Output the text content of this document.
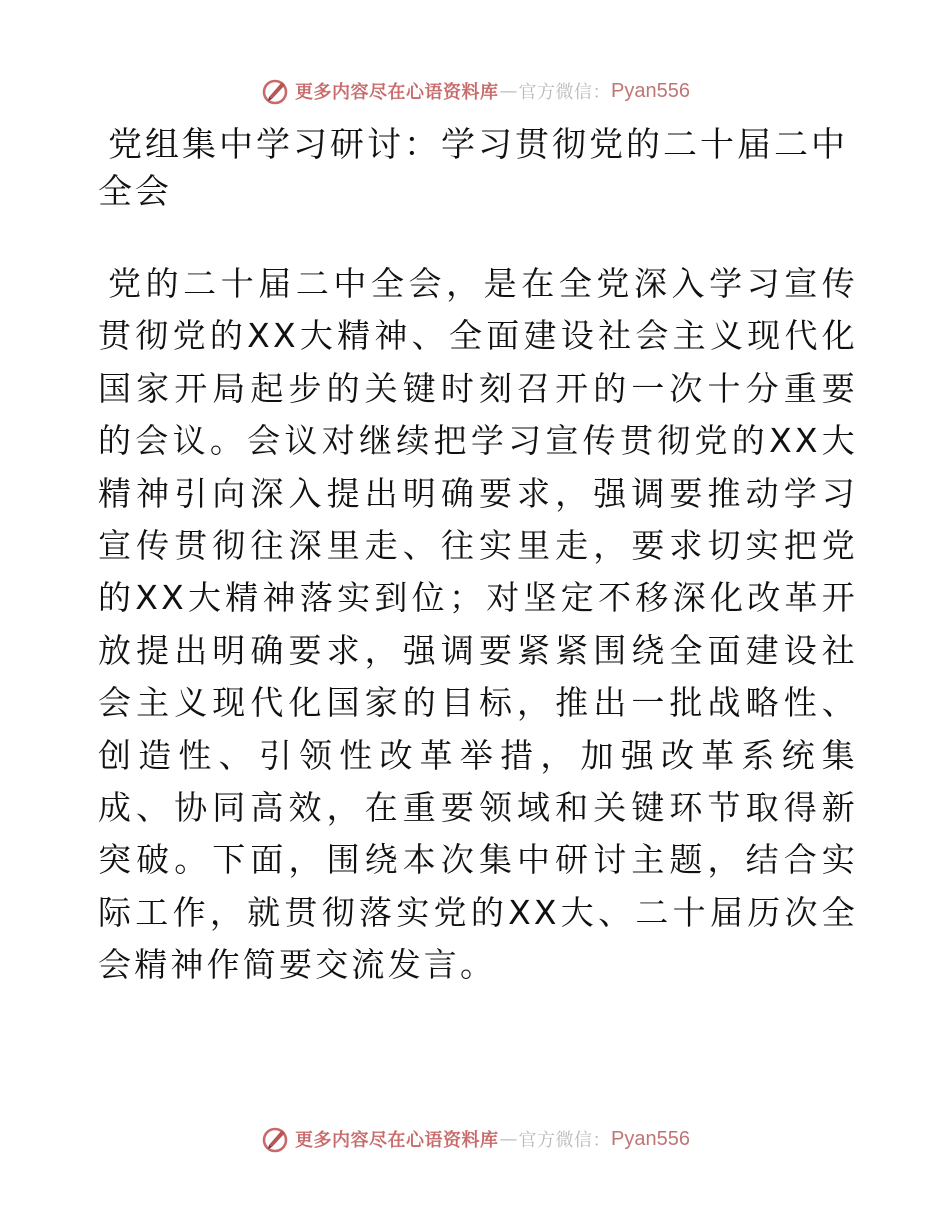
更多内容尽在心语资料库 — 官方微信： Pyan556
党组集中学习研讨：学习贯彻党的二十届二中全会

党的二十届二中全会，是在全党深入学习宣传贯彻党的XX大精神、全面建设社会主义现代化国家开局起步的关键时刻召开的一次十分重要的会议。会议对继续把学习宣传贯彻党的XX大精神引向深入提出明确要求，强调要推动学习宣传贯彻往深里走、往实里走，要求切实把党的XX大精神落实到位；对坚定不移深化改革开放提出明确要求，强调要紧紧围绕全面建设社会主义现代化国家的目标，推出一批战略性、创造性、引领性改革举措，加强改革系统集成、协同高效，在重要领域和关键环节取得新突破。下面，围绕本次集中研讨主题，结合实际工作，就贯彻落实党的XX大、二十届历次全会精神作简要交流发言。

更多内容尽在心语资料库 — 官方微信： Pyan556
